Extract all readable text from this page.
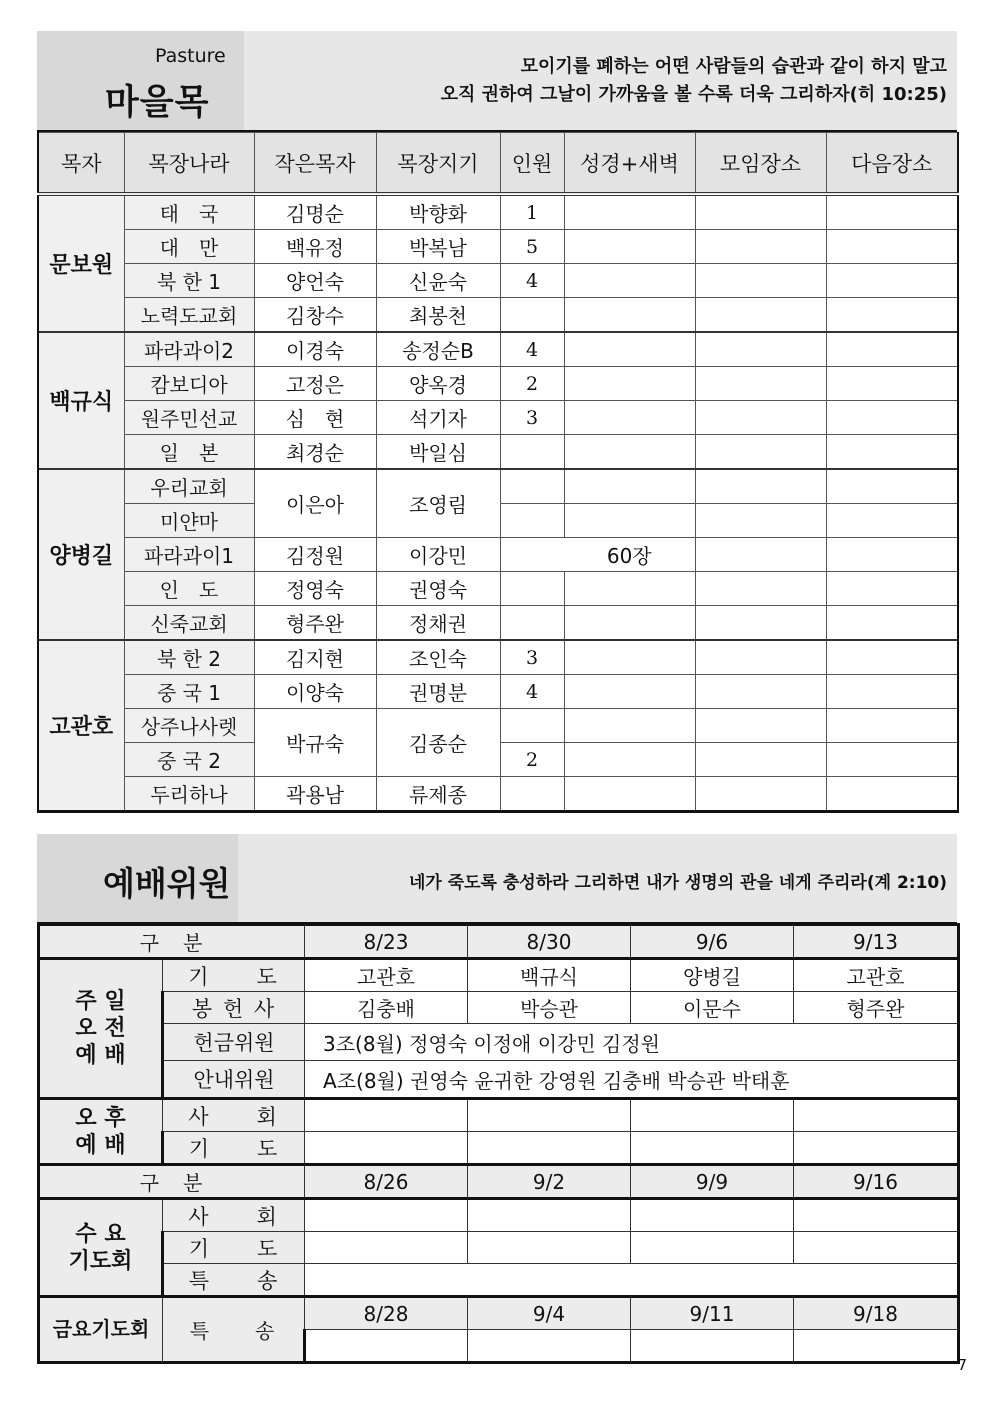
Pasture
마을목
모이기를 폐하는 어떤 사람들의 습관과 같이 하지 말고
오직 권하여 그날이 가까움을 볼 수록 더욱 그리하자(히 10:25)
목자	목장나라	작은목자	목장지기	인원	성경+새벽	모임장소	다음장소
문보원	태　국	김명순	박향화	1			
	대　만	백유정	박복남	5			
	북 한 1	양언숙	신윤숙	4			
	노력도교회	김창수	최봉천				
백규식	파라과이2	이경숙	송정순B	4			
	캄보디아	고정은	양옥경	2			
	원주민선교	심　현	석기자	3			
	일　본	최경순	박일심				
양병길	우리교회	이은아	조영림				
	미얀마						
	파라과이1	김정원	이강민		60장		
	인　도	정영숙	권영숙				
	신죽교회	형주완	정채권				
고관호	북 한 2	김지현	조인숙	3			
	중 국 1	이양숙	권명분	4			
	상주나사렛	박규숙	김종순				
	중 국 2			2			
	두리하나	곽용남	류제종				
예배위원	네가 죽도록 충성하라 그리하면 내가 생명의 관을 네게 주리라(계 2:10)
구　분		8/23	8/30	9/6	9/13
주 일
오 전
예 배	기　　도	고관호	백규식	양병길	고관호
	봉 헌 사	김충배	박승관	이문수	형주완
	헌금위원	3조(8월) 정영숙 이정애 이강민 김정원			
	안내위원	A조(8월) 권영숙 윤귀한 강영원 김충배 박승관 박태훈			
오 후
예 배	사　　회				
	기　　도				
구　분		8/26	9/2	9/9	9/16
수 요
기도회	사　　회				
	기　　도				
	특　　송				
금요기도회	특　　송	8/28	9/4	9/11	9/18

7
